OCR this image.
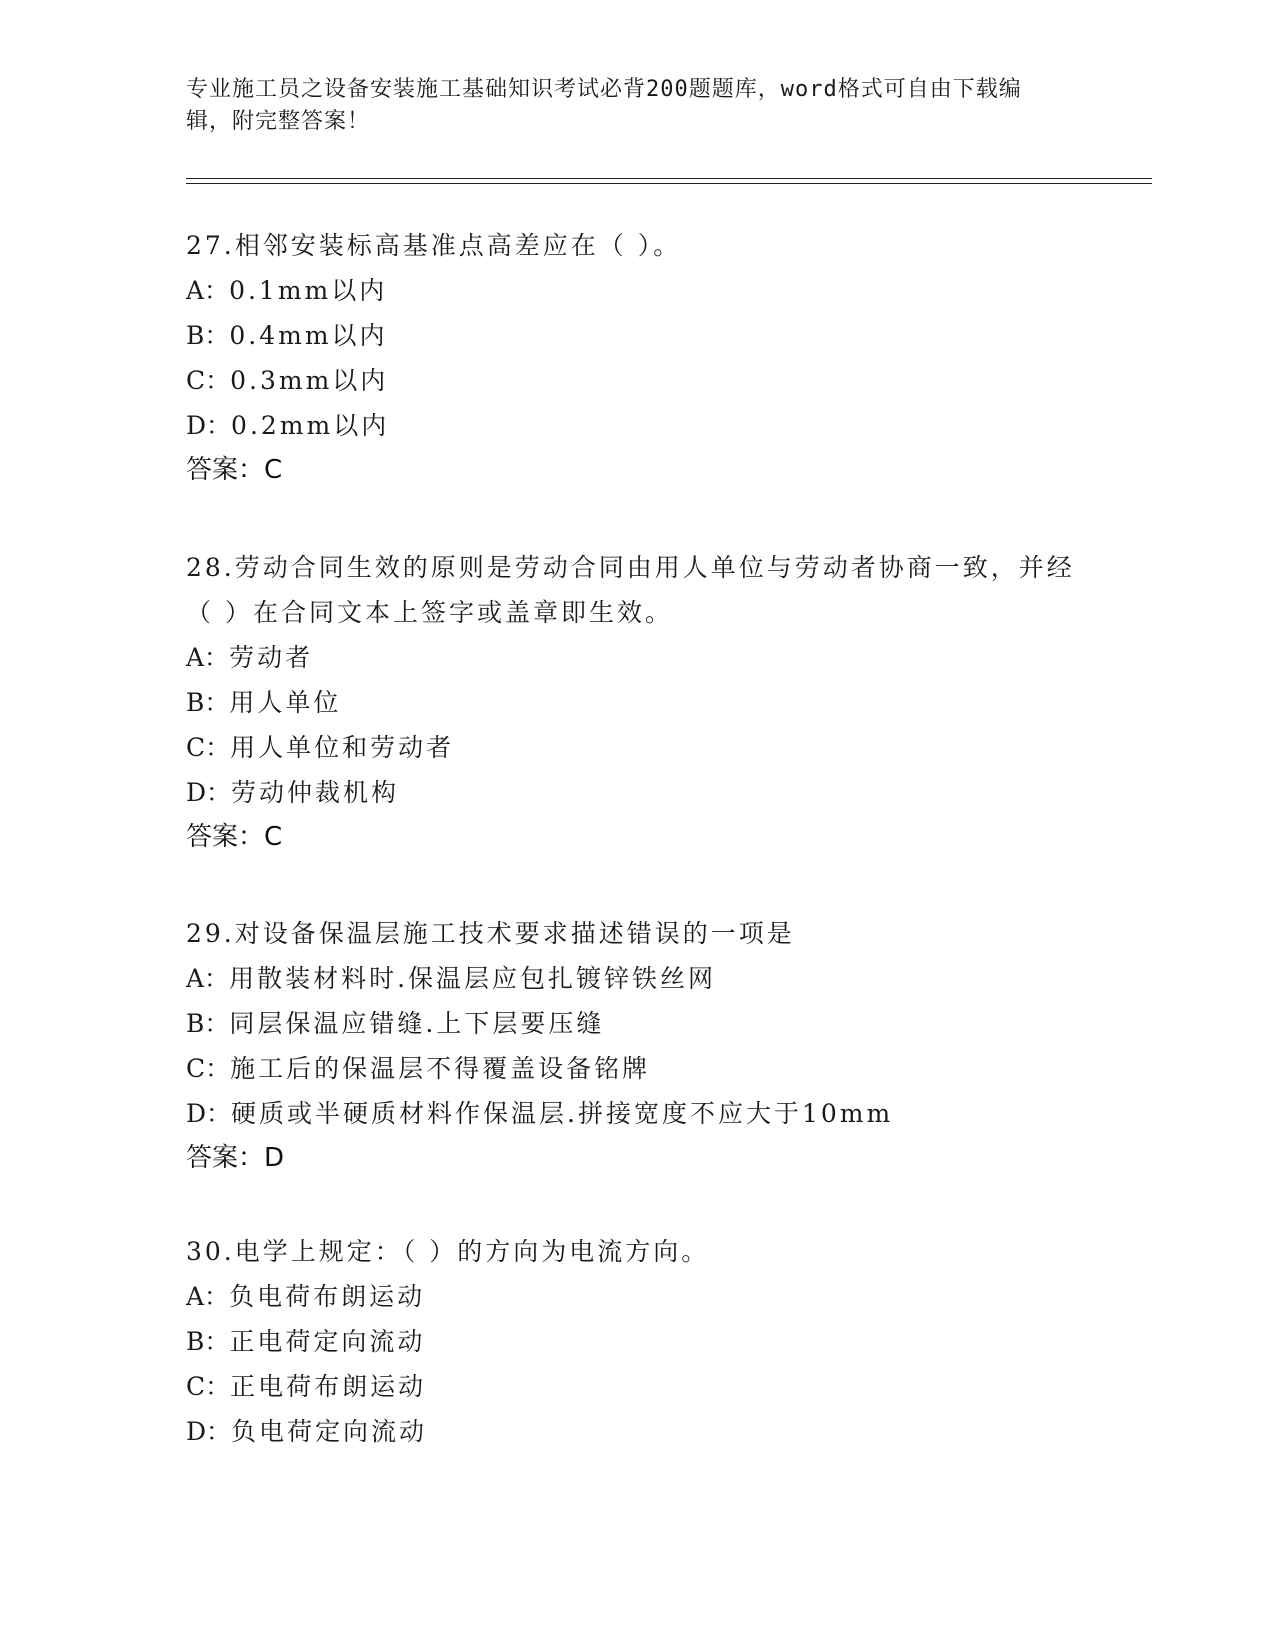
专业施工员之设备安装施工基础知识考试必背200题题库，word格式可自由下载编辑，附完整答案！

27.相邻安装标高基准点高差应在（ ）。

A：0.1mm以内

B：0.4mm以内

C：0.3mm以内

D：0.2mm以内

答案：C

28.劳动合同生效的原则是劳动合同由用人单位与劳动者协商一致，并经（ ）在合同文本上签字或盖章即生效。

A：劳动者

B：用人单位

C：用人单位和劳动者

D：劳动仲裁机构

答案：C

29.对设备保温层施工技术要求描述错误的一项是

A：用散装材料时.保温层应包扎镀锌铁丝网

B：同层保温应错缝.上下层要压缝

C：施工后的保温层不得覆盖设备铭牌

D：硬质或半硬质材料作保温层.拼接宽度不应大于10mm

答案：D

30.电学上规定：（ ）的方向为电流方向。

A：负电荷布朗运动

B：正电荷定向流动

C：正电荷布朗运动

D：负电荷定向流动
